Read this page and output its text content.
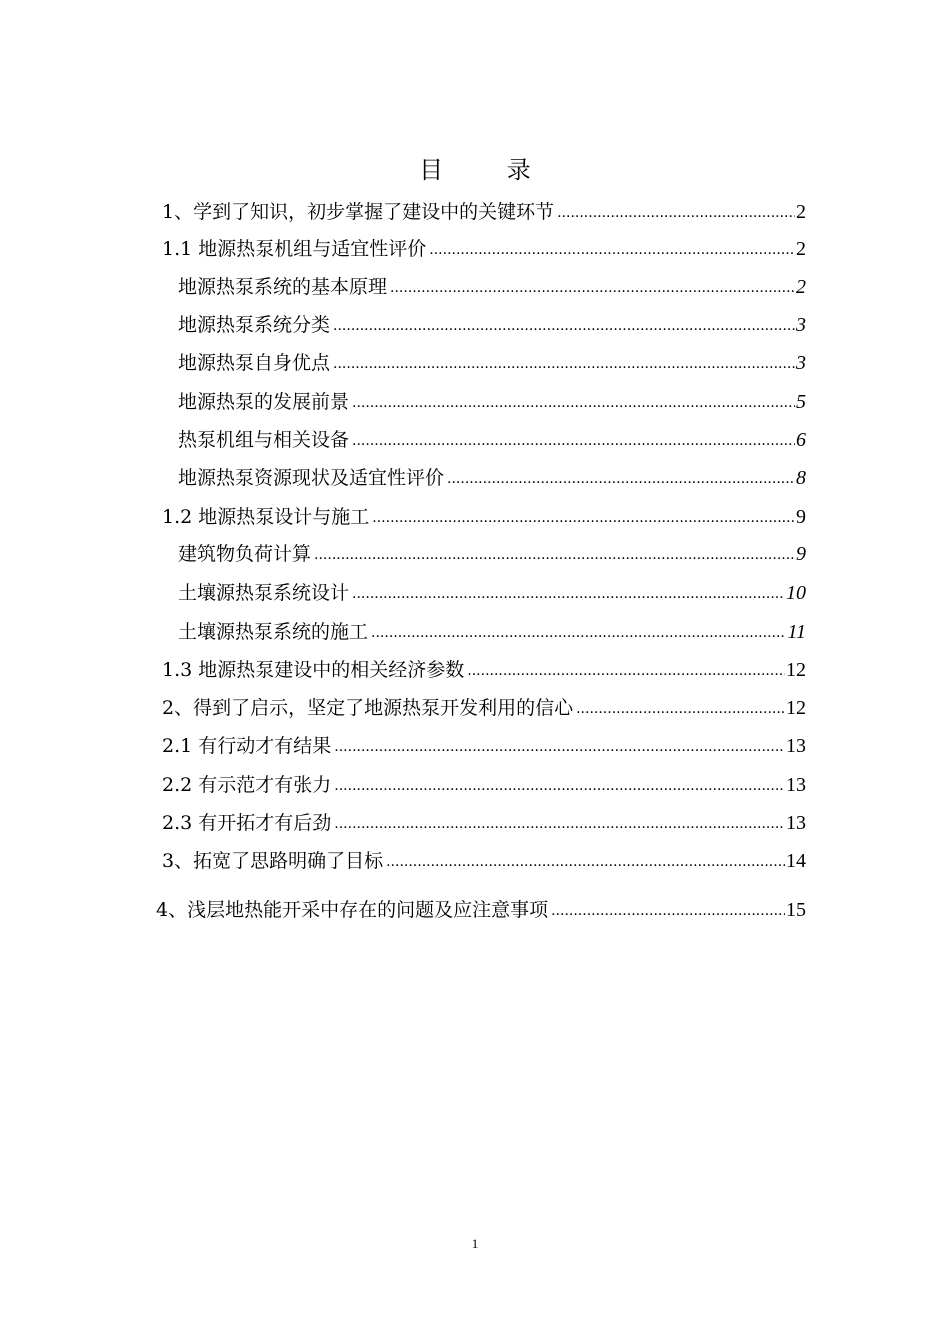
目 录
1、学到了知识，初步掌握了建设中的关键环节 .....	2
1.1 地源热泵机组与适宜性评价 .....	2
地源热泵系统的基本原理 .....	2
地源热泵系统分类 .....	3
地源热泵自身优点 .....	3
地源热泵的发展前景 .....	5
热泵机组与相关设备 .....	6
地源热泵资源现状及适宜性评价 .....	8
1.2 地源热泵设计与施工 .....	9
建筑物负荷计算 .....	9
土壤源热泵系统设计 .....	10
土壤源热泵系统的施工 .....	11
1.3 地源热泵建设中的相关经济参数 .....	12
2、得到了启示，坚定了地源热泵开发利用的信心 .....	12
2.1 有行动才有结果 .....	13
2.2 有示范才有张力 .....	13
2.3 有开拓才有后劲 .....	13
3、拓宽了思路明确了目标 .....	14
4、浅层地热能开采中存在的问题及应注意事项 .....	15
1
